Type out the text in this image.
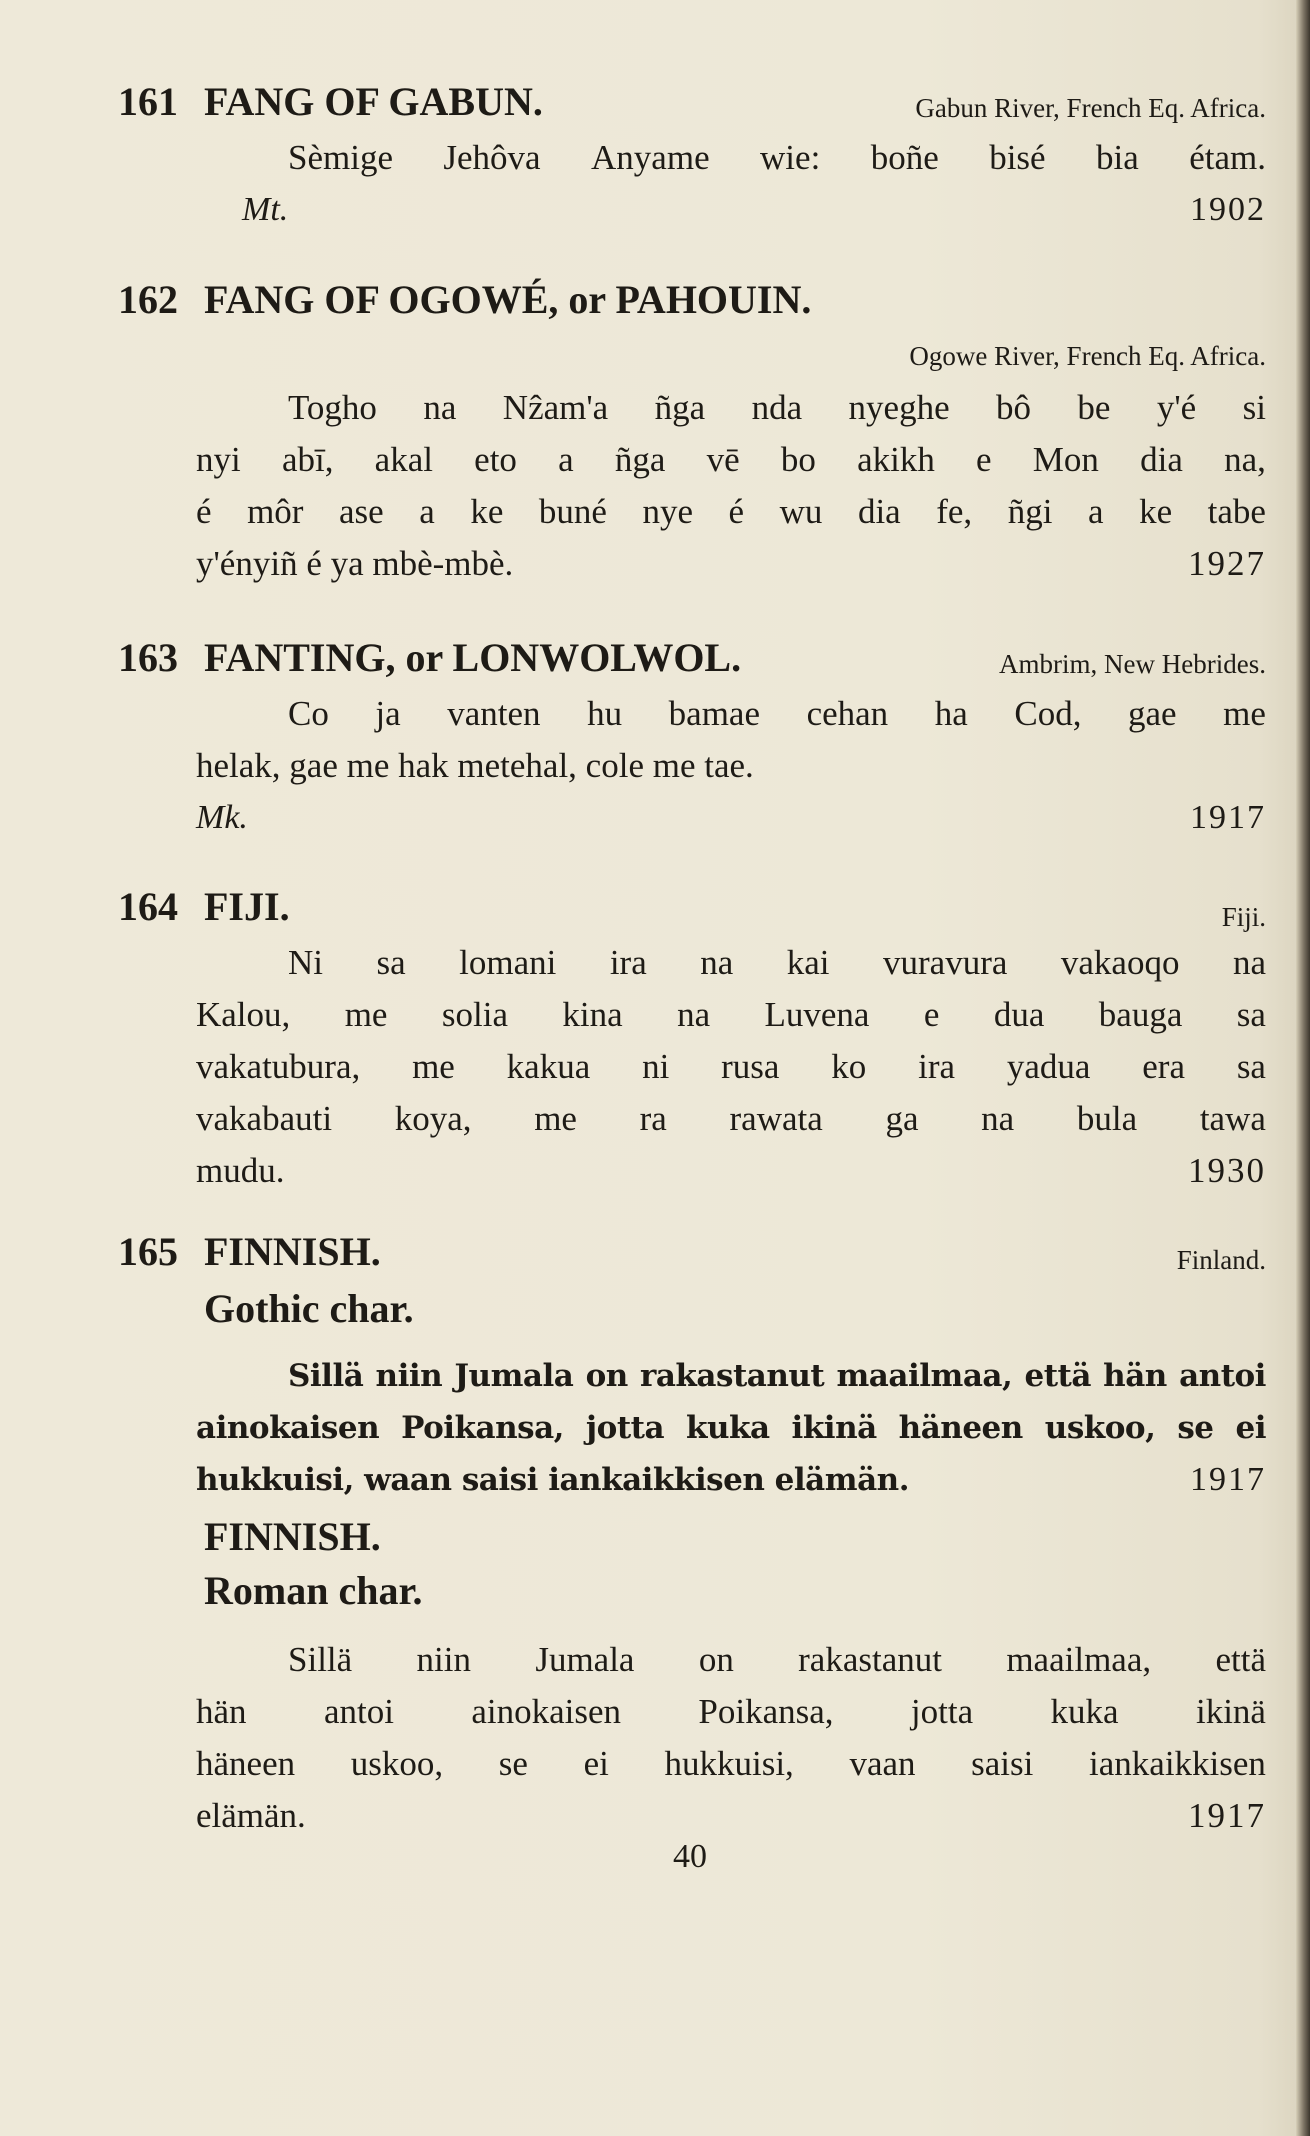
161 FANG OF GABUN.	Gabun River, French Eq. Africa.
Sèmige Jehôva Anyame wie: boñe bisé bia étam.
Mt.	1902
162 FANG OF OGOWÉ, or PAHOUIN.
Ogowe River, French Eq. Africa.
Togho na Nẑam'a ñga nda nyeghe bô be y'é si
nyi abī, akal eto a ñga vē bo akikh e Mon dia na,
é môr ase a ke buné nye é wu dia fe, ñgi a ke tabe
y'ényiñ é ya mbè-mbè.	1927
163 FANTING, or LONWOLWOL.	Ambrim, New Hebrides.
Co ja vanten hu bamae cehan ha Cod, gae me
helak, gae me hak metehal, cole me tae.
Mk.	1917
164 FIJI.	Fiji.
Ni sa lomani ira na kai vuravura vakaoqo na
Kalou, me solia kina na Luvena e dua bauga sa
vakatubura, me kakua ni rusa ko ira yadua era sa
vakabauti koya, me ra rawata ga na bula tawa
mudu.	1930
165 FINNISH.	Finland.
Gothic char.
Sillä niin Jumala on rakastanut maailmaa, että hän antoi
ainokaisen Poikansa, jotta kuka ikinä häneen uskoo, se ei
hukkuisi, waan saisi iankaikkisen elämän.	1917
FINNISH.
Roman char.
Sillä niin Jumala on rakastanut maailmaa, että
hän antoi ainokaisen Poikansa, jotta kuka ikinä
häneen uskoo, se ei hukkuisi, vaan saisi iankaikkisen
elämän.	1917
40
